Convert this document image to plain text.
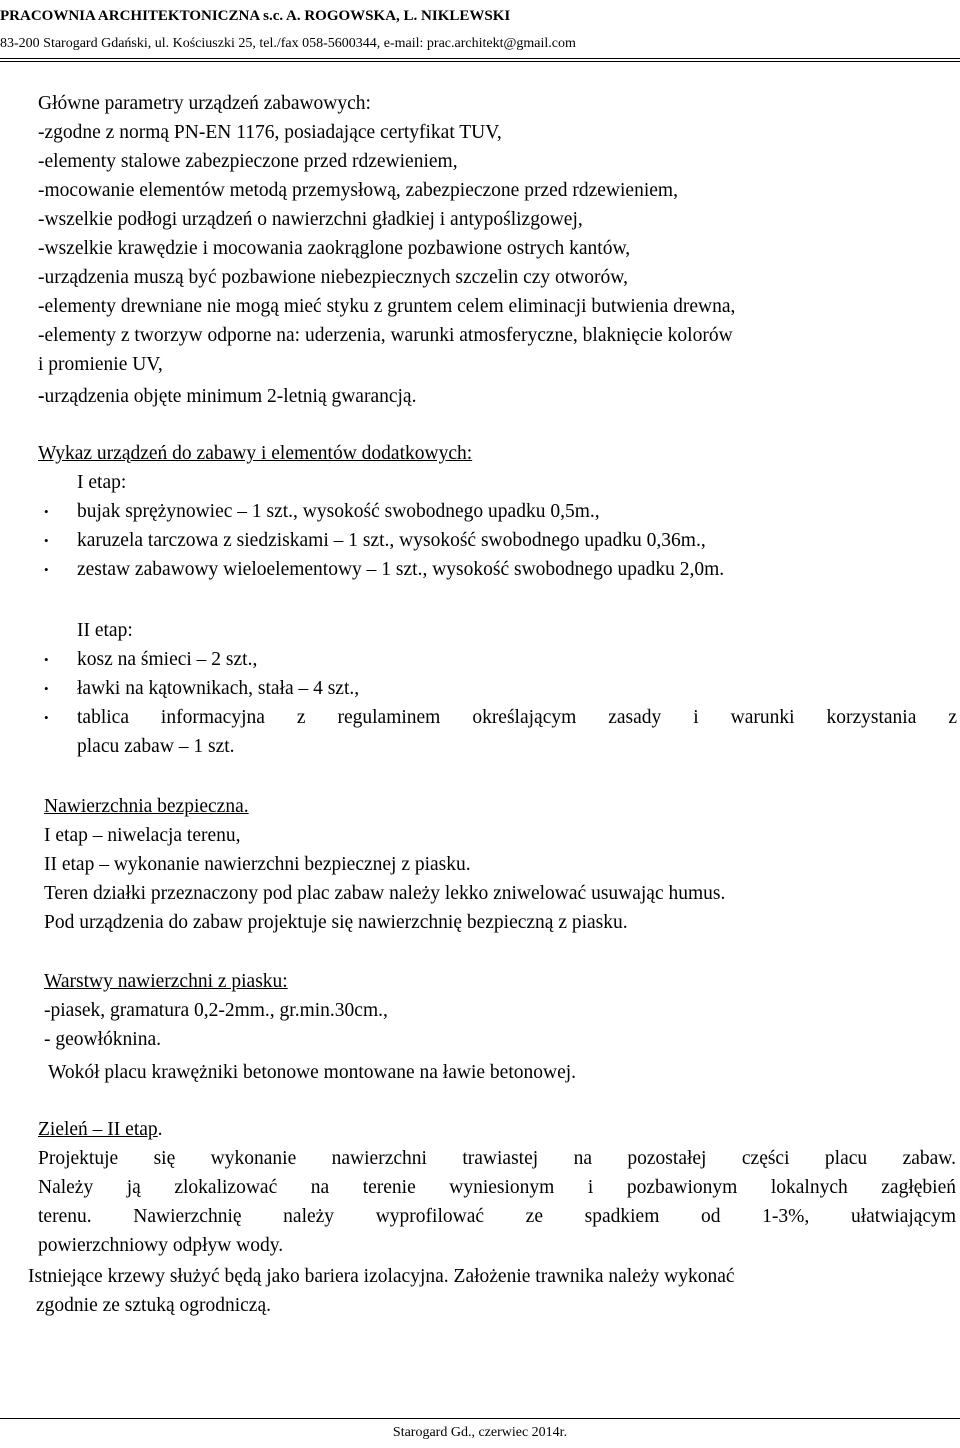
PRACOWNIA ARCHITEKTONICZNA s.c. A. ROGOWSKA, L. NIKLEWSKI
83-200 Starogard Gdański, ul. Kościuszki 25, tel./fax 058-5600344, e-mail: prac.architekt@gmail.com
Główne parametry urządzeń zabawowych:
-zgodne z normą PN-EN 1176, posiadające certyfikat TUV,
-elementy stalowe zabezpieczone przed rdzewieniem,
-mocowanie elementów metodą przemysłową, zabezpieczone przed rdzewieniem,
-wszelkie podłogi urządzeń o nawierzchni gładkiej i antypoślizgowej,
-wszelkie krawędzie i mocowania zaokrąglone pozbawione ostrych kantów,
-urządzenia muszą być pozbawione niebezpiecznych szczelin czy otworów,
-elementy drewniane nie mogą mieć styku z gruntem celem eliminacji butwienia drewna,
-elementy z tworzyw odporne na: uderzenia, warunki atmosferyczne, blaknięcie kolorów
i promienie UV,
-urządzenia objęte minimum 2-letnią gwarancją.
Wykaz urządzeń do zabawy i elementów dodatkowych:
I etap:
• bujak sprężynowiec – 1 szt., wysokość swobodnego upadku 0,5m.,
• karuzela tarczowa z siedziskami – 1 szt., wysokość swobodnego upadku 0,36m.,
• zestaw zabawowy wieloelementowy – 1 szt., wysokość swobodnego upadku 2,0m.
II etap:
• kosz na śmieci – 2 szt.,
• ławki na kątownikach, stała – 4 szt.,
• tablica informacyjna z regulaminem określającym zasady i warunki korzystania z
placu zabaw – 1 szt.
Nawierzchnia bezpieczna.
I etap – niwelacja terenu,
II etap – wykonanie nawierzchni bezpiecznej z piasku.
Teren działki przeznaczony pod plac zabaw należy lekko zniwelować usuwając humus.
Pod urządzenia do zabaw projektuje się nawierzchnię bezpieczną z piasku.
Warstwy nawierzchni z piasku:
-piasek, gramatura 0,2-2mm., gr.min.30cm.,
- geowłóknina.
Wokół placu krawężniki betonowe montowane na ławie betonowej.
Zieleń – II etap.
Projektuje się wykonanie nawierzchni trawiastej na pozostałej części placu zabaw.
Należy ją zlokalizować na terenie wyniesionym i pozbawionym lokalnych zagłębień
terenu. Nawierzchnię należy wyprofilować ze spadkiem od 1-3%, ułatwiającym
powierzchniowy odpływ wody.
Istniejące krzewy służyć będą jako bariera izolacyjna. Założenie trawnika należy wykonać
zgodnie ze sztuką ogrodniczą.
Starogard Gd., czerwiec 2014r.
